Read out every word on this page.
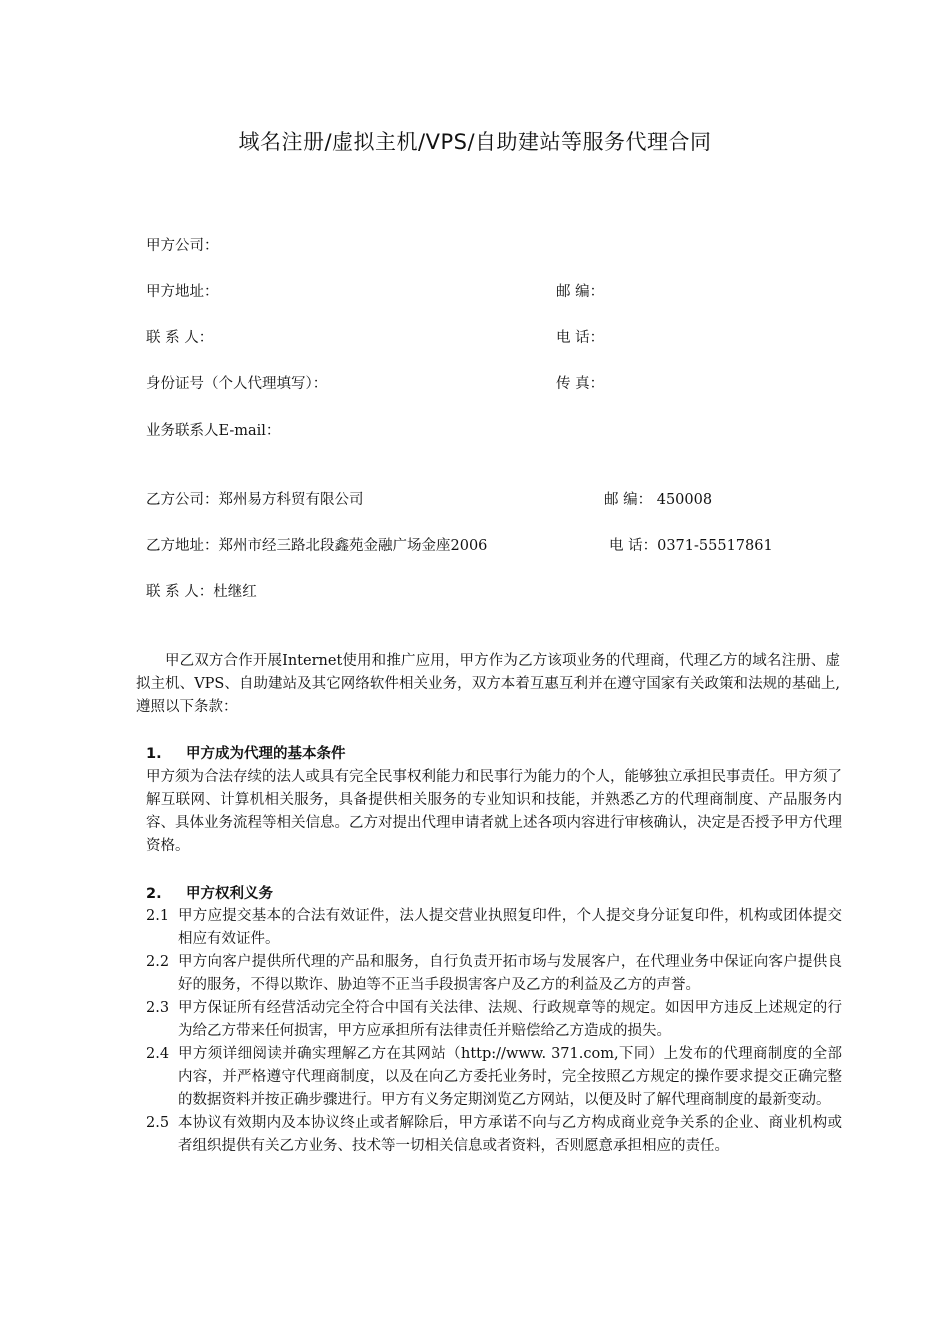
域名注册/虚拟主机/VPS/自助建站等服务代理合同
甲方公司：
甲方地址：	邮 编：
联 系 人：	电 话：
身份证号（个人代理填写）：	传 真：
业务联系人E-mail：
乙方公司：郑州易方科贸有限公司	邮 编： 450008
乙方地址：郑州市经三路北段鑫苑金融广场金座2006	电 话：0371-55517861
联 系 人：杜继红
甲乙双方合作开展Internet使用和推广应用，甲方作为乙方该项业务的代理商，代理乙方的域名注册、虚拟主机、VPS、自助建站及其它网络软件相关业务，双方本着互惠互利并在遵守国家有关政策和法规的基础上,遵照以下条款：
1. 甲方成为代理的基本条件
甲方须为合法存续的法人或具有完全民事权利能力和民事行为能力的个人，能够独立承担民事责任。甲方须了解互联网、计算机相关服务，具备提供相关服务的专业知识和技能，并熟悉乙方的代理商制度、产品服务内容、具体业务流程等相关信息。乙方对提出代理申请者就上述各项内容进行审核确认，决定是否授予甲方代理资格。
2. 甲方权利义务
2.1 甲方应提交基本的合法有效证件，法人提交营业执照复印件，个人提交身分证复印件，机构或团体提交相应有效证件。
2.2 甲方向客户提供所代理的产品和服务，自行负责开拓市场与发展客户，在代理业务中保证向客户提供良好的服务，不得以欺诈、胁迫等不正当手段损害客户及乙方的利益及乙方的声誉。
2.3 甲方保证所有经营活动完全符合中国有关法律、法规、行政规章等的规定。如因甲方违反上述规定的行为给乙方带来任何损害，甲方应承担所有法律责任并赔偿给乙方造成的损失。
2.4 甲方须详细阅读并确实理解乙方在其网站（http://www. 371.com,下同）上发布的代理商制度的全部内容，并严格遵守代理商制度，以及在向乙方委托业务时，完全按照乙方规定的操作要求提交正确完整的数据资料并按正确步骤进行。甲方有义务定期浏览乙方网站，以便及时了解代理商制度的最新变动。
2.5 本协议有效期内及本协议终止或者解除后，甲方承诺不向与乙方构成商业竞争关系的企业、商业机构或者组织提供有关乙方业务、技术等一切相关信息或者资料，否则愿意承担相应的责任。
